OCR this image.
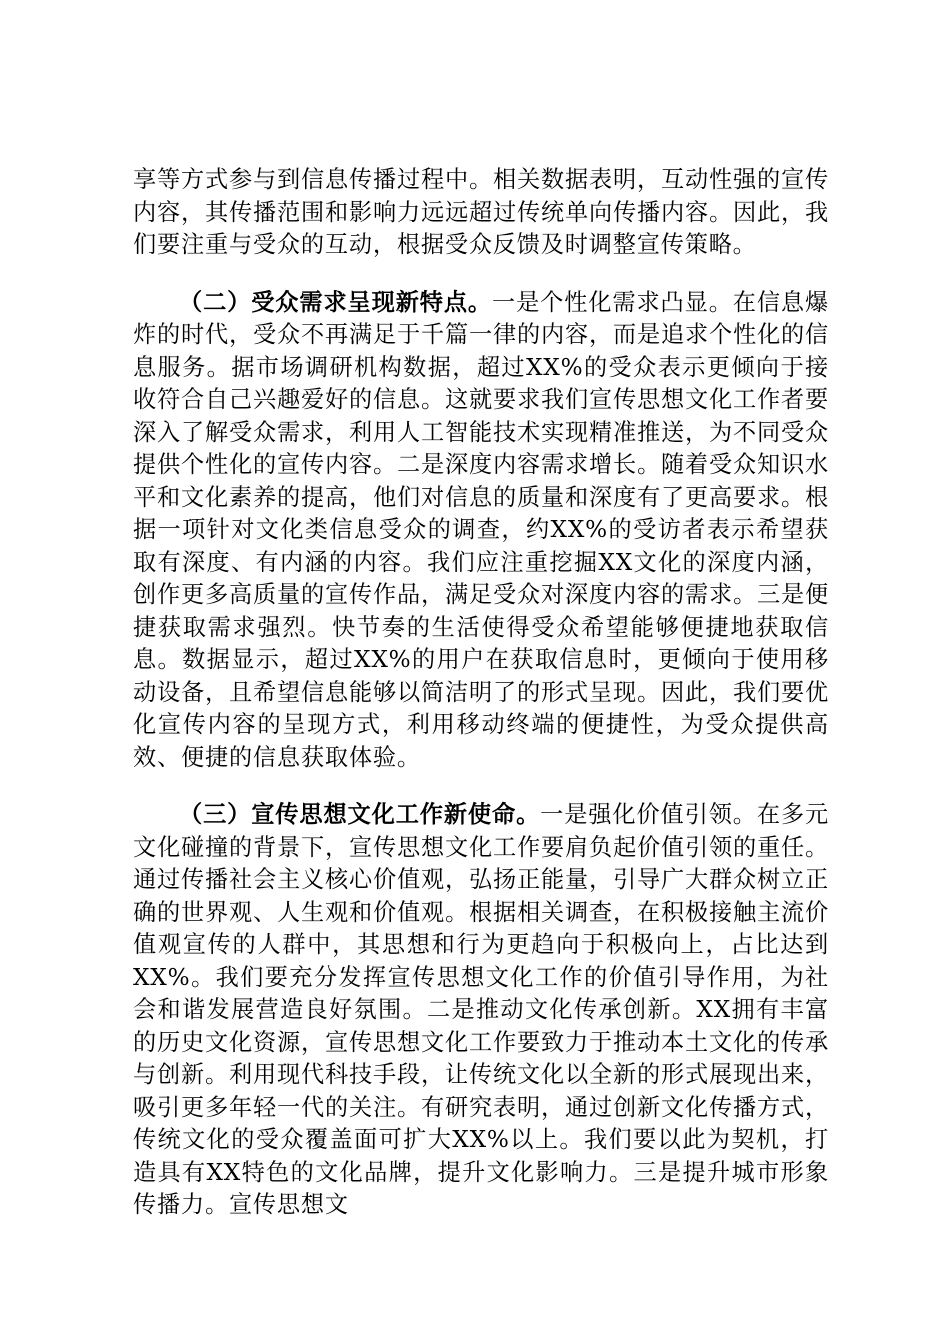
享等方式参与到信息传播过程中。相关数据表明，互动性强的宣传内容，其传播范围和影响力远远超过传统单向传播内容。因此，我们要注重与受众的互动，根据受众反馈及时调整宣传策略。

（二）受众需求呈现新特点。一是个性化需求凸显。在信息爆炸的时代，受众不再满足于千篇一律的内容，而是追求个性化的信息服务。据市场调研机构数据，超过XX%的受众表示更倾向于接收符合自己兴趣爱好的信息。这就要求我们宣传思想文化工作者要深入了解受众需求，利用人工智能技术实现精准推送，为不同受众提供个性化的宣传内容。二是深度内容需求增长。随着受众知识水平和文化素养的提高，他们对信息的质量和深度有了更高要求。根据一项针对文化类信息受众的调查，约XX%的受访者表示希望获取有深度、有内涵的内容。我们应注重挖掘XX文化的深度内涵，创作更多高质量的宣传作品，满足受众对深度内容的需求。三是便捷获取需求强烈。快节奏的生活使得受众希望能够便捷地获取信息。数据显示，超过XX%的用户在获取信息时，更倾向于使用移动设备，且希望信息能够以简洁明了的形式呈现。因此，我们要优化宣传内容的呈现方式，利用移动终端的便捷性，为受众提供高效、便捷的信息获取体验。

（三）宣传思想文化工作新使命。一是强化价值引领。在多元文化碰撞的背景下，宣传思想文化工作要肩负起价值引领的重任。通过传播社会主义核心价值观，弘扬正能量，引导广大群众树立正确的世界观、人生观和价值观。根据相关调查，在积极接触主流价值观宣传的人群中，其思想和行为更趋向于积极向上，占比达到XX%。我们要充分发挥宣传思想文化工作的价值引导作用，为社会和谐发展营造良好氛围。二是推动文化传承创新。XX拥有丰富的历史文化资源，宣传思想文化工作要致力于推动本土文化的传承与创新。利用现代科技手段，让传统文化以全新的形式展现出来，吸引更多年轻一代的关注。有研究表明，通过创新文化传播方式，传统文化的受众覆盖面可扩大XX%以上。我们要以此为契机，打造具有XX特色的文化品牌，提升文化影响力。三是提升城市形象传播力。宣传思想文
